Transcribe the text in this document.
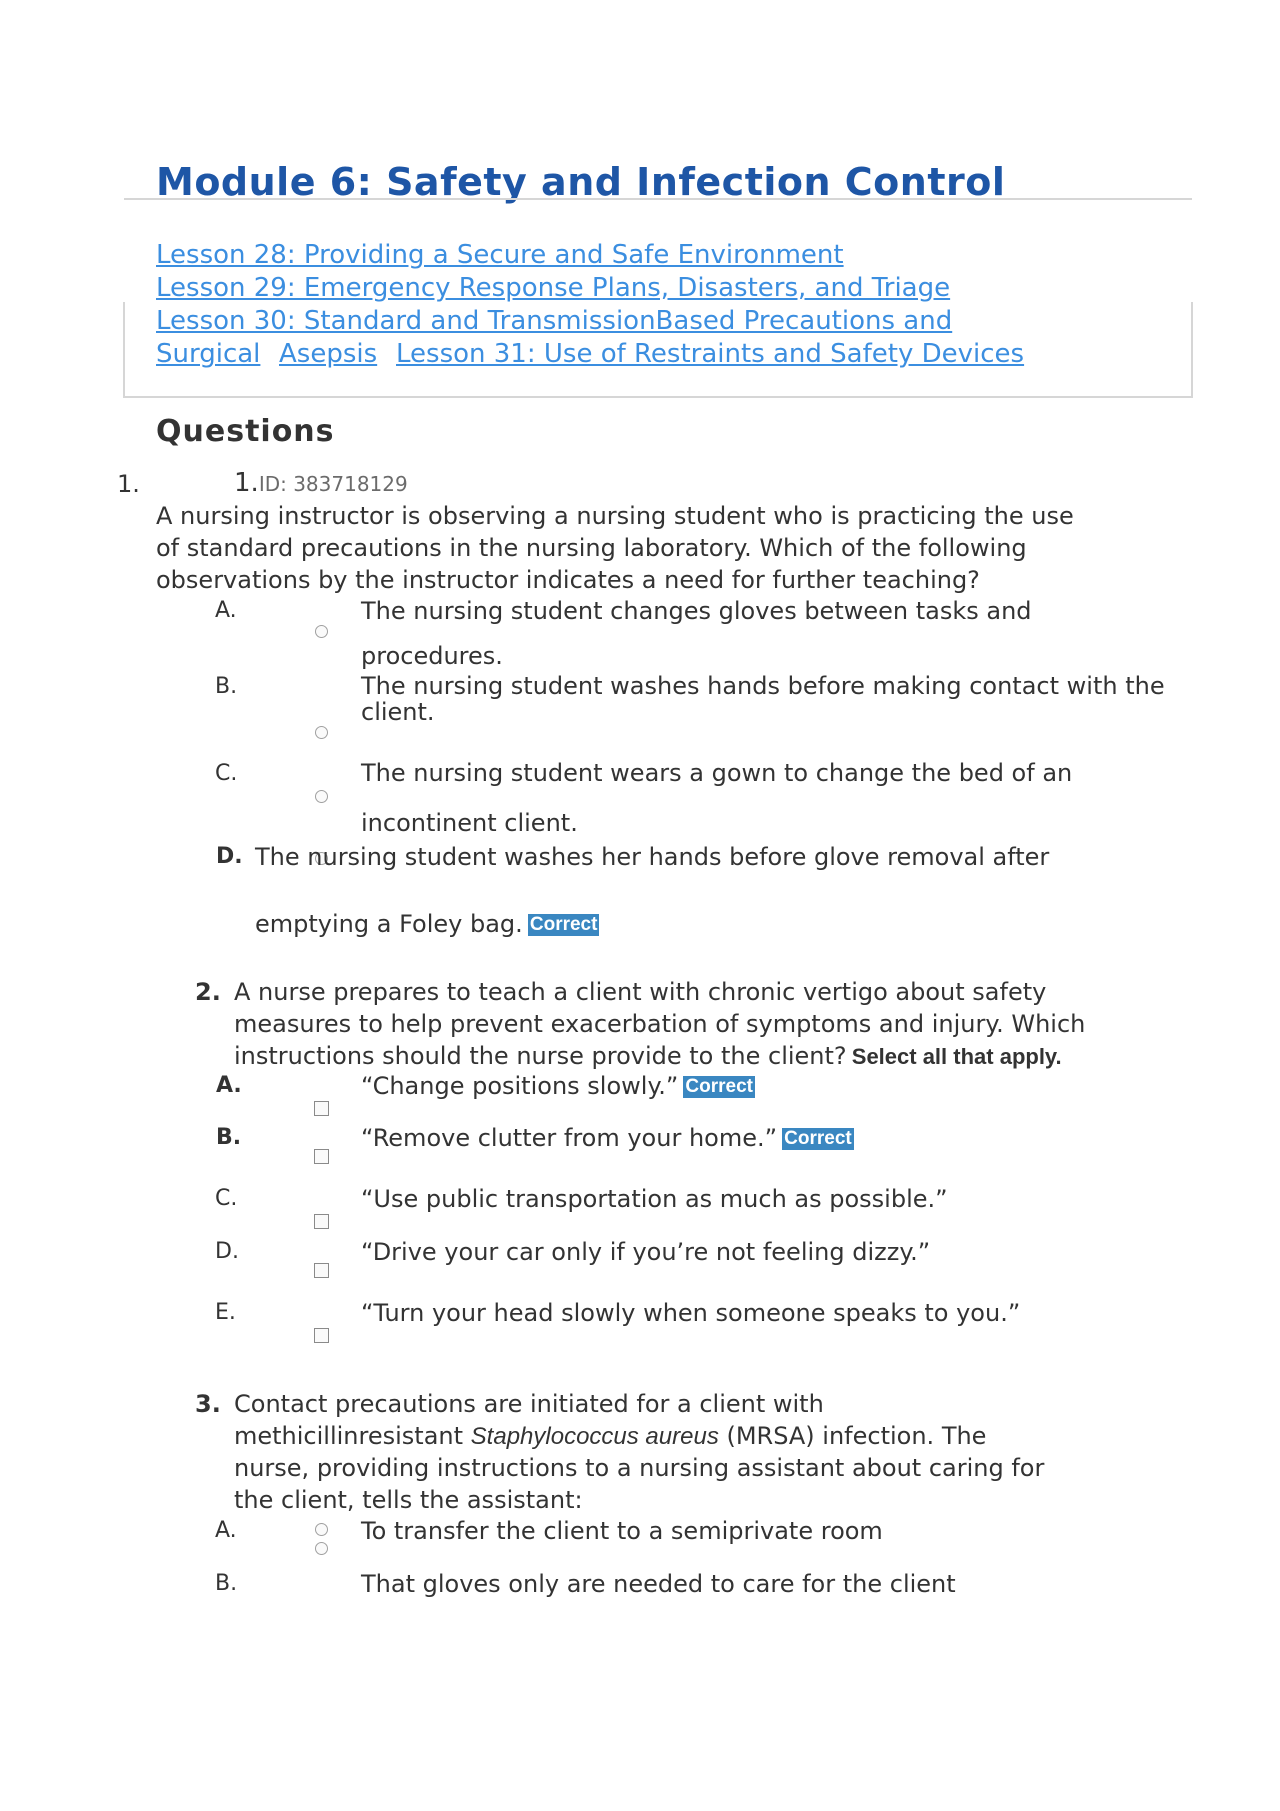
Module 6: Safety and Infection Control
Lesson 28: Providing a Secure and Safe Environment
Lesson 29: Emergency Response Plans, Disasters, and Triage
Lesson 30: Standard and TransmissionBased Precautions and
Surgical Asepsis Lesson 31: Use of Restraints and Safety Devices
Questions
1.	1.ID: 383718129
A nursing instructor is observing a nursing student who is practicing the use
of standard precautions in the nursing laboratory. Which of the following
observations by the instructor indicates a need for further teaching?
A.	The nursing student changes gloves between tasks and
procedures.
B.	The nursing student washes hands before making contact with the
client.
C.	The nursing student wears a gown to change the bed of an
incontinent client.
D. The nursing student washes her hands before glove removal after
emptying a Foley bag. Correct
2. A nurse prepares to teach a client with chronic vertigo about safety
measures to help prevent exacerbation of symptoms and injury. Which
instructions should the nurse provide to the client? Select all that apply.
A.	“Change positions slowly.” Correct
B.	“Remove clutter from your home.” Correct
C.	“Use public transportation as much as possible.”
D.	“Drive your car only if you’re not feeling dizzy.”
E.	“Turn your head slowly when someone speaks to you.”
3. Contact precautions are initiated for a client with
methicillinresistant Staphylococcus aureus (MRSA) infection. The
nurse, providing instructions to a nursing assistant about caring for
the client, tells the assistant:
A.	To transfer the client to a semiprivate room
B.	That gloves only are needed to care for the client
